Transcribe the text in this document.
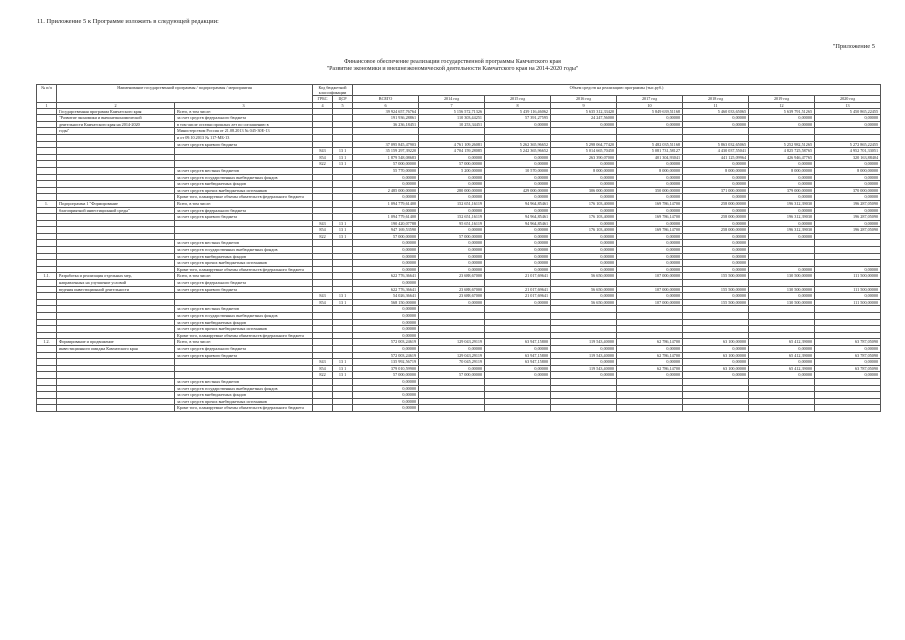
11. Приложение 5 к Программе изложить в следующей редакции:
"Приложение 5
Финансовое обеспечение реализации государственной программы Камчатского края
"Развитие экономики и внешнеэкономической деятельности Камчатского края на 2014-2020 годы"
№ п/п	Наименование государственной программы / подпрограммы / мероприятия		Код бюджетной классификации		Объем средств на реализацию программы (тыс.руб.)							
			ГРБС	ЦСР	ВСЕГО	2014 год	2015 год	2016 год	2017 год	2018 год	2019 год	2020 год
1	2	3	4	5	6	7	8	9	10	11	12	13
	Государственная программа Камчатского края	Всего, в том числе:			39 924 657,76764	5 156 572,71326	5 439 116,46062	5 635 312,33420	5 849 639,51168	5 460 033,65065	5 639 791,51265	5 450 865,22455
	"Развитие экономики и внешнеэкономической	за счет средств федерального бюджета			191 936,28861	110 303,44251	57 391,27595	24 247,56000	0,00000	0,00000	0,00000	0,00000
	деятельности Камчатского края на 2014-2020	в том числе остатки прошлых лет по соглашению в			36 236,18451	10 253,34451	0,00000	0,00000	0,00000	0,00000	0,00000	0,00000
	годы"	Министерством Россия от 21.08.2013 № 045-30Е-13										
		и от 09.10.2013 № 117-МБ-13										
		за счет средств краевого бюджета			37 095 845,47903	4 761 109,26081	5 262 365,96652	5 298 064,77420	5 482 035,51168	5 863 032,65065	5 252 982,51265	5 272 865,22455
			843	13 1	35 159 297,39220	4 704 159,28085	5 242 365,96652	5 014 665,70450	5 081 731,58127	4 430 037,55041	4 825 725,58765	4 952 701,33051
			854	13 1	1 879 548,08683	0,00000	0,00000	263 390,07000	401 304,93041	441 125,09964	426 946,47765	320 163,88404
			822	13 1	57 000,00000	57 000,00000	0,00000	0,00000	0,00000	0,00000	0,00000	0,00000
		за счет средств местных бюджетов			55 770,00000	5 200,00000	10 570,00000	8 000,00000	8 000,00000	8 000,00000	8 000,00000	8 000,00000
		за счет средств государственных внебюджетных фондов			0,00000	0,00000	0,00000	0,00000	0,00000	0,00000	0,00000	0,00000
		за счет средств внебюджетных фондов			0,00000	0,00000	0,00000	0,00000	0,00000	0,00000	0,00000	0,00000
		за счет средств прочих внебюджетных источников			2 485 000,00000	280 000,00000	429 000,00000	306 000,00000	350 000,00000	371 000,00000	379 000,00000	370 000,00000
		Кроме того, планируемые объемы обязательств федерального бюджета			0,00000	0,00000	0,00000	0,00000	0,00000	0,00000	0,00000	0,00000
1.	Подпрограмма 1 "Формирование	Всего, в том числе:			1 094 779,61400	152 651,16119	94 964,85461	176 103,40000	169 786,14700	258 000,00000	196 312,39030	196 287,05090
	благоприятной инвестиционной среды"	за счет средств федерального бюджета			0,00000	0,00000	0,00000	0,00000	0,00000	0,00000	0,00000	0,00000
		за счет средств краевого бюджета			1 094 779,61400	152 651,16119	94 964,85461	176 103,40000	169 786,14700	258 000,00000	196 312,39030	196 287,05090
			843	13 1	190 420,07788	95 651,16119	94 964,85461	0,00000	0,00000	0,00000	0,00000	0,00000
			854	13 1	947 169,53590	0,00000	0,00000	176 103,40000	169 786,14700	258 000,00000	196 312,39030	196 287,05090
			822	13 1	57 000,00000	57 000,00000	0,00000	0,00000	0,00000	0,00000	0,00000	
		за счет средств местных бюджетов			0,00000	0,00000	0,00000	0,00000	0,00000	0,00000		
		за счет средств государственных внебюджетных фондов			0,00000	0,00000	0,00000	0,00000	0,00000	0,00000		
		за счет средств внебюджетных фондов			0,00000	0,00000	0,00000	0,00000	0,00000	0,00000		
		за счет средств прочих внебюджетных источников			0,00000	0,00000	0,00000	0,00000	0,00000	0,00000		
		Кроме того, планируемые объемы обязательств федерального бюджета			0,00000	0,00000	0,00000	0,00000	0,00000	0,00000	0,00000	0,00000
1.1.	Разработка и реализация отдельных мер,	Всего, в том числе:			622 776,36641	23 688,67000	21 017,69641	56 650,00000	107 000,00000	155 500,00000	130 500,00000	111 500,00000
	направленных на улучшение условий	за счет средств федерального бюджета			0,00000							
	ведения инвестиционной деятельности	за счет средств краевого бюджета			622 776,36641	23 688,67000	21 017,69641	56 650,00000	107 000,00000	155 500,00000	130 500,00000	111 500,00000
			843	13 1	54 026,36641	23 688,67000	21 017,69641	0,00000	0,00000	0,00000	0,00000	0,00000
			854	13 1	568 150,00000	0,00000	0,00000	56 650,00000	107 000,00000	155 500,00000	130 500,00000	111 500,00000
		за счет средств местных бюджетов			0,00000							
		за счет средств государственных внебюджетных фондов			0,00000							
		за счет средств внебюджетных фондов			0,00000							
		за счет средств прочих внебюджетных источников			0,00000							
		Кроме того, планируемые объемы обязательств федерального бюджета			0,00000							
1.2.	Формирование и продвижение	Всего, в том числе:			572 003,24619	129 043,29119	63 947,15800	119 543,40000	62 786,14700	63 100,00000	65 412,39000	63 787,05090
	инвестиционного имиджа Камчатского края	за счет средств федерального бюджета			0,00000	0,00000	0,00000	0,00000	0,00000	0,00000	0,00000	0,00000
		за счет средств краевого бюджета			572 003,24619	129 043,29119	63 947,15800	119 543,40000	62 786,14700	63 100,00000	65 412,39000	63 787,05090
			843	13 1	135 992,56719	70 045,29119	63 947,15800	0,00000	0,00000	0,00000	0,00000	0,00000
			854	13 1	379 010,59900	0,00000	0,00000	119 543,40000	62 786,14700	63 100,00000	65 412,39000	63 787,05090
			822	13 1	57 000,00000	57 000,00000	0,00000	0,00000	0,00000	0,00000	0,00000	0,00000
		за счет средств местных бюджетов			0,00000							
		за счет средств государственных внебюджетных фондов			0,00000							
		за счет средств внебюджетных фондов			0,00000							
		за счет средств прочих внебюджетных источников			0,00000							
		Кроме того, планируемые объемы обязательств федерального бюджета			0,00000							
